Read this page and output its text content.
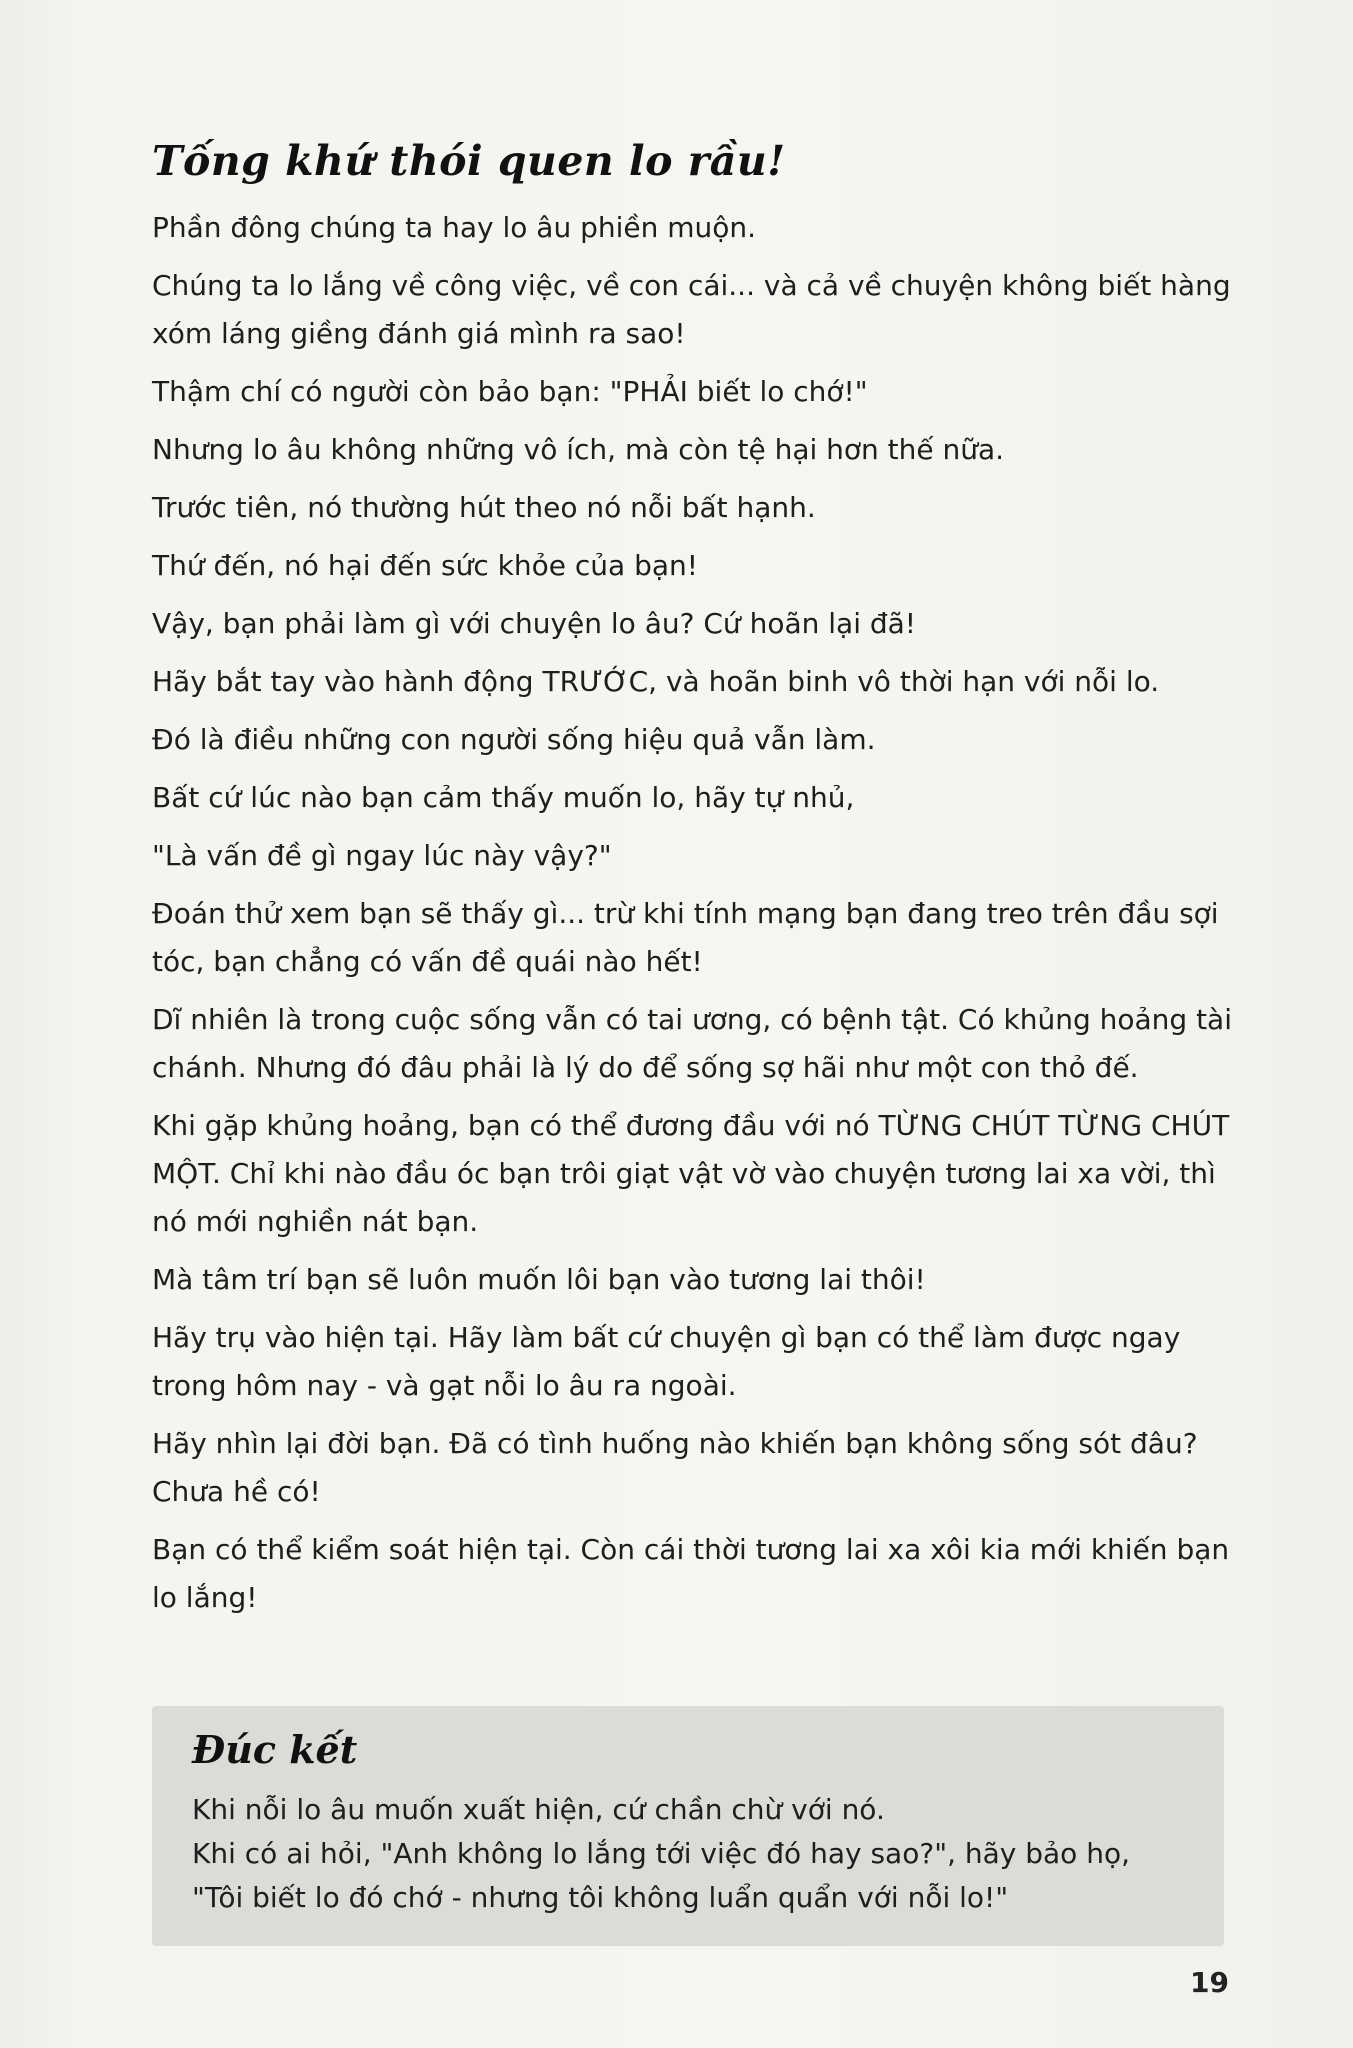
Tống khứ thói quen lo rầu!

Phần đông chúng ta hay lo âu phiền muộn.

Chúng ta lo lắng về công việc, về con cái... và cả về chuyện không biết hàng xóm láng giềng đánh giá mình ra sao!

Thậm chí có người còn bảo bạn: "PHẢI biết lo chớ!"

Nhưng lo âu không những vô ích, mà còn tệ hại hơn thế nữa.

Trước tiên, nó thường hút theo nó nỗi bất hạnh.

Thứ đến, nó hại đến sức khỏe của bạn!

Vậy, bạn phải làm gì với chuyện lo âu? Cứ hoãn lại đã!

Hãy bắt tay vào hành động TRƯỚC, và hoãn binh vô thời hạn với nỗi lo.

Đó là điều những con người sống hiệu quả vẫn làm.

Bất cứ lúc nào bạn cảm thấy muốn lo, hãy tự nhủ,

"Là vấn đề gì ngay lúc này vậy?"

Đoán thử xem bạn sẽ thấy gì... trừ khi tính mạng bạn đang treo trên đầu sợi tóc, bạn chẳng có vấn đề quái nào hết!

Dĩ nhiên là trong cuộc sống vẫn có tai ương, có bệnh tật. Có khủng hoảng tài chánh. Nhưng đó đâu phải là lý do để sống sợ hãi như một con thỏ đế.

Khi gặp khủng hoảng, bạn có thể đương đầu với nó TỪNG CHÚT TỪNG CHÚT MỘT. Chỉ khi nào đầu óc bạn trôi giạt vật vờ vào chuyện tương lai xa vời, thì nó mới nghiền nát bạn.

Mà tâm trí bạn sẽ luôn muốn lôi bạn vào tương lai thôi!

Hãy trụ vào hiện tại. Hãy làm bất cứ chuyện gì bạn có thể làm được ngay trong hôm nay - và gạt nỗi lo âu ra ngoài.

Hãy nhìn lại đời bạn. Đã có tình huống nào khiến bạn không sống sót đâu? Chưa hề có!

Bạn có thể kiểm soát hiện tại. Còn cái thời tương lai xa xôi kia mới khiến bạn lo lắng!

Đúc kết
Khi nỗi lo âu muốn xuất hiện, cứ chần chừ với nó.
Khi có ai hỏi, "Anh không lo lắng tới việc đó hay sao?", hãy bảo họ,
"Tôi biết lo đó chớ - nhưng tôi không luẩn quẩn với nỗi lo!"
19
